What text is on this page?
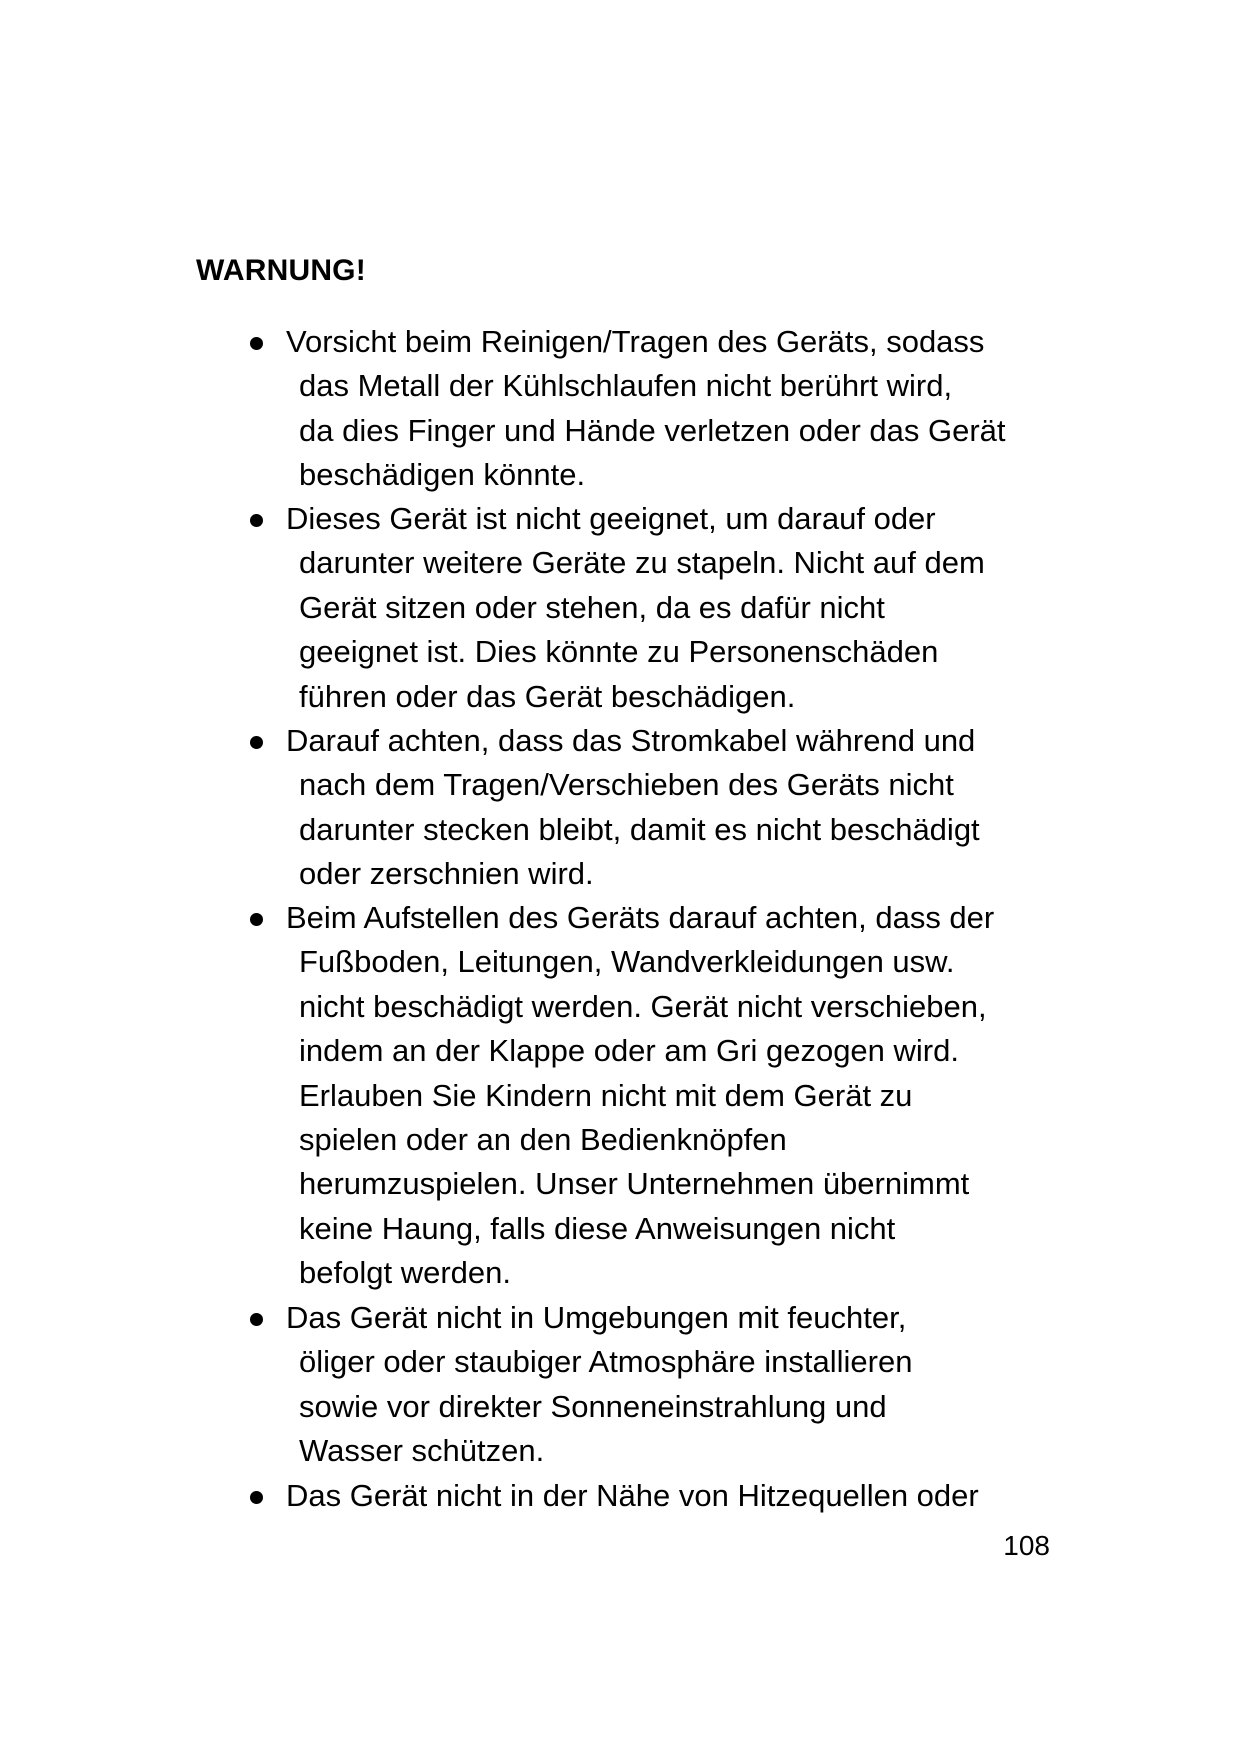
WARNUNG!
Vorsicht beim Reinigen/Tragen des Geräts, sodass
das Metall der Kühlschlaufen nicht berührt wird,
da dies Finger und Hände verletzen oder das Gerät
beschädigen könnte.
Dieses Gerät ist nicht geeignet, um darauf oder
darunter weitere Geräte zu stapeln. Nicht auf dem
Gerät sitzen oder stehen, da es dafür nicht
geeignet ist. Dies könnte zu Personenschäden
führen oder das Gerät beschädigen.
Darauf achten, dass das Stromkabel während und
nach dem Tragen/Verschieben des Geräts nicht
darunter stecken bleibt, damit es nicht beschädigt
oder zerschnien wird.
Beim Aufstellen des Geräts darauf achten, dass der
Fußboden, Leitungen, Wandverkleidungen usw.
nicht beschädigt werden. Gerät nicht verschieben,
indem an der Klappe oder am Gri gezogen wird.
Erlauben Sie Kindern nicht mit dem Gerät zu
spielen oder an den Bedienknöpfen
herumzuspielen. Unser Unternehmen übernimmt
keine Haung, falls diese Anweisungen nicht
befolgt werden.
Das Gerät nicht in Umgebungen mit feuchter,
öliger oder staubiger Atmosphäre installieren
sowie vor direkter Sonneneinstrahlung und
Wasser schützen.
Das Gerät nicht in der Nähe von Hitzequellen oder
108
